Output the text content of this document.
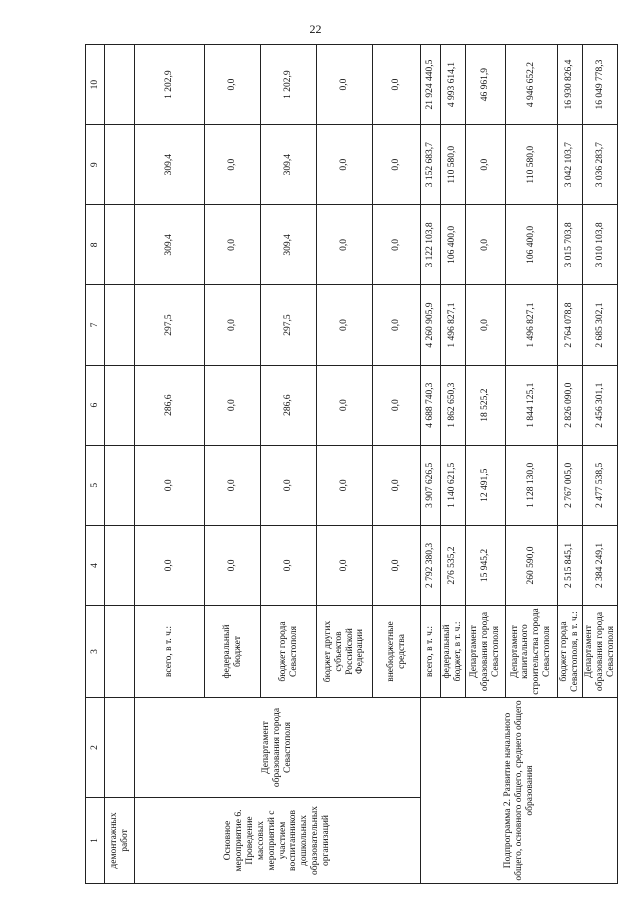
22
1	2	3	4	5	6	7	8	9	10
демонтажных работ									
Основное мероприятие 6. Проведение массовых мероприятий с участием воспитанников дошкольных образовательных организаций	Департамент образования города Севастополя	всего, в т. ч.:	0,0	0,0	286,6	297,5	309,4	309,4	1 202,9
		федеральный бюджет	0,0	0,0	0,0	0,0	0,0	0,0	0,0
		бюджет города Севастополя	0,0	0,0	286,6	297,5	309,4	309,4	1 202,9
		бюджет других субъектов Российской Федерации	0,0	0,0	0,0	0,0	0,0	0,0	0,0
		внебюджетные средства	0,0	0,0	0,0	0,0	0,0	0,0	0,0
Подпрограмма 2. Развитие начального общего, основного общего, среднего общего образования		всего, в т. ч.:	2 792 380,3	3 907 626,5	4 688 740,3	4 260 905,9	3 122 103,8	3 152 683,7	21 924 440,5
		федеральный бюджет, в т. ч.:	276 535,2	1 140 621,5	1 862 650,3	1 496 827,1	106 400,0	110 580,0	4 993 614,1
		Департамент образования города Севастополя	15 945,2	12 491,5	18 525,2	0,0	0,0	0,0	46 961,9
		Департамент капитального строительства города Севастополя	260 590,0	1 128 130,0	1 844 125,1	1 496 827,1	106 400,0	110 580,0	4 946 652,2
		бюджет города Севастополя, в т. ч.:	2 515 845,1	2 767 005,0	2 826 090,0	2 764 078,8	3 015 703,8	3 042 103,7	16 930 826,4
		Департамент образования города Севастополя	2 384 249,1	2 477 538,5	2 456 301,1	2 685 302,1	3 010 103,8	3 036 283,7	16 049 778,3
